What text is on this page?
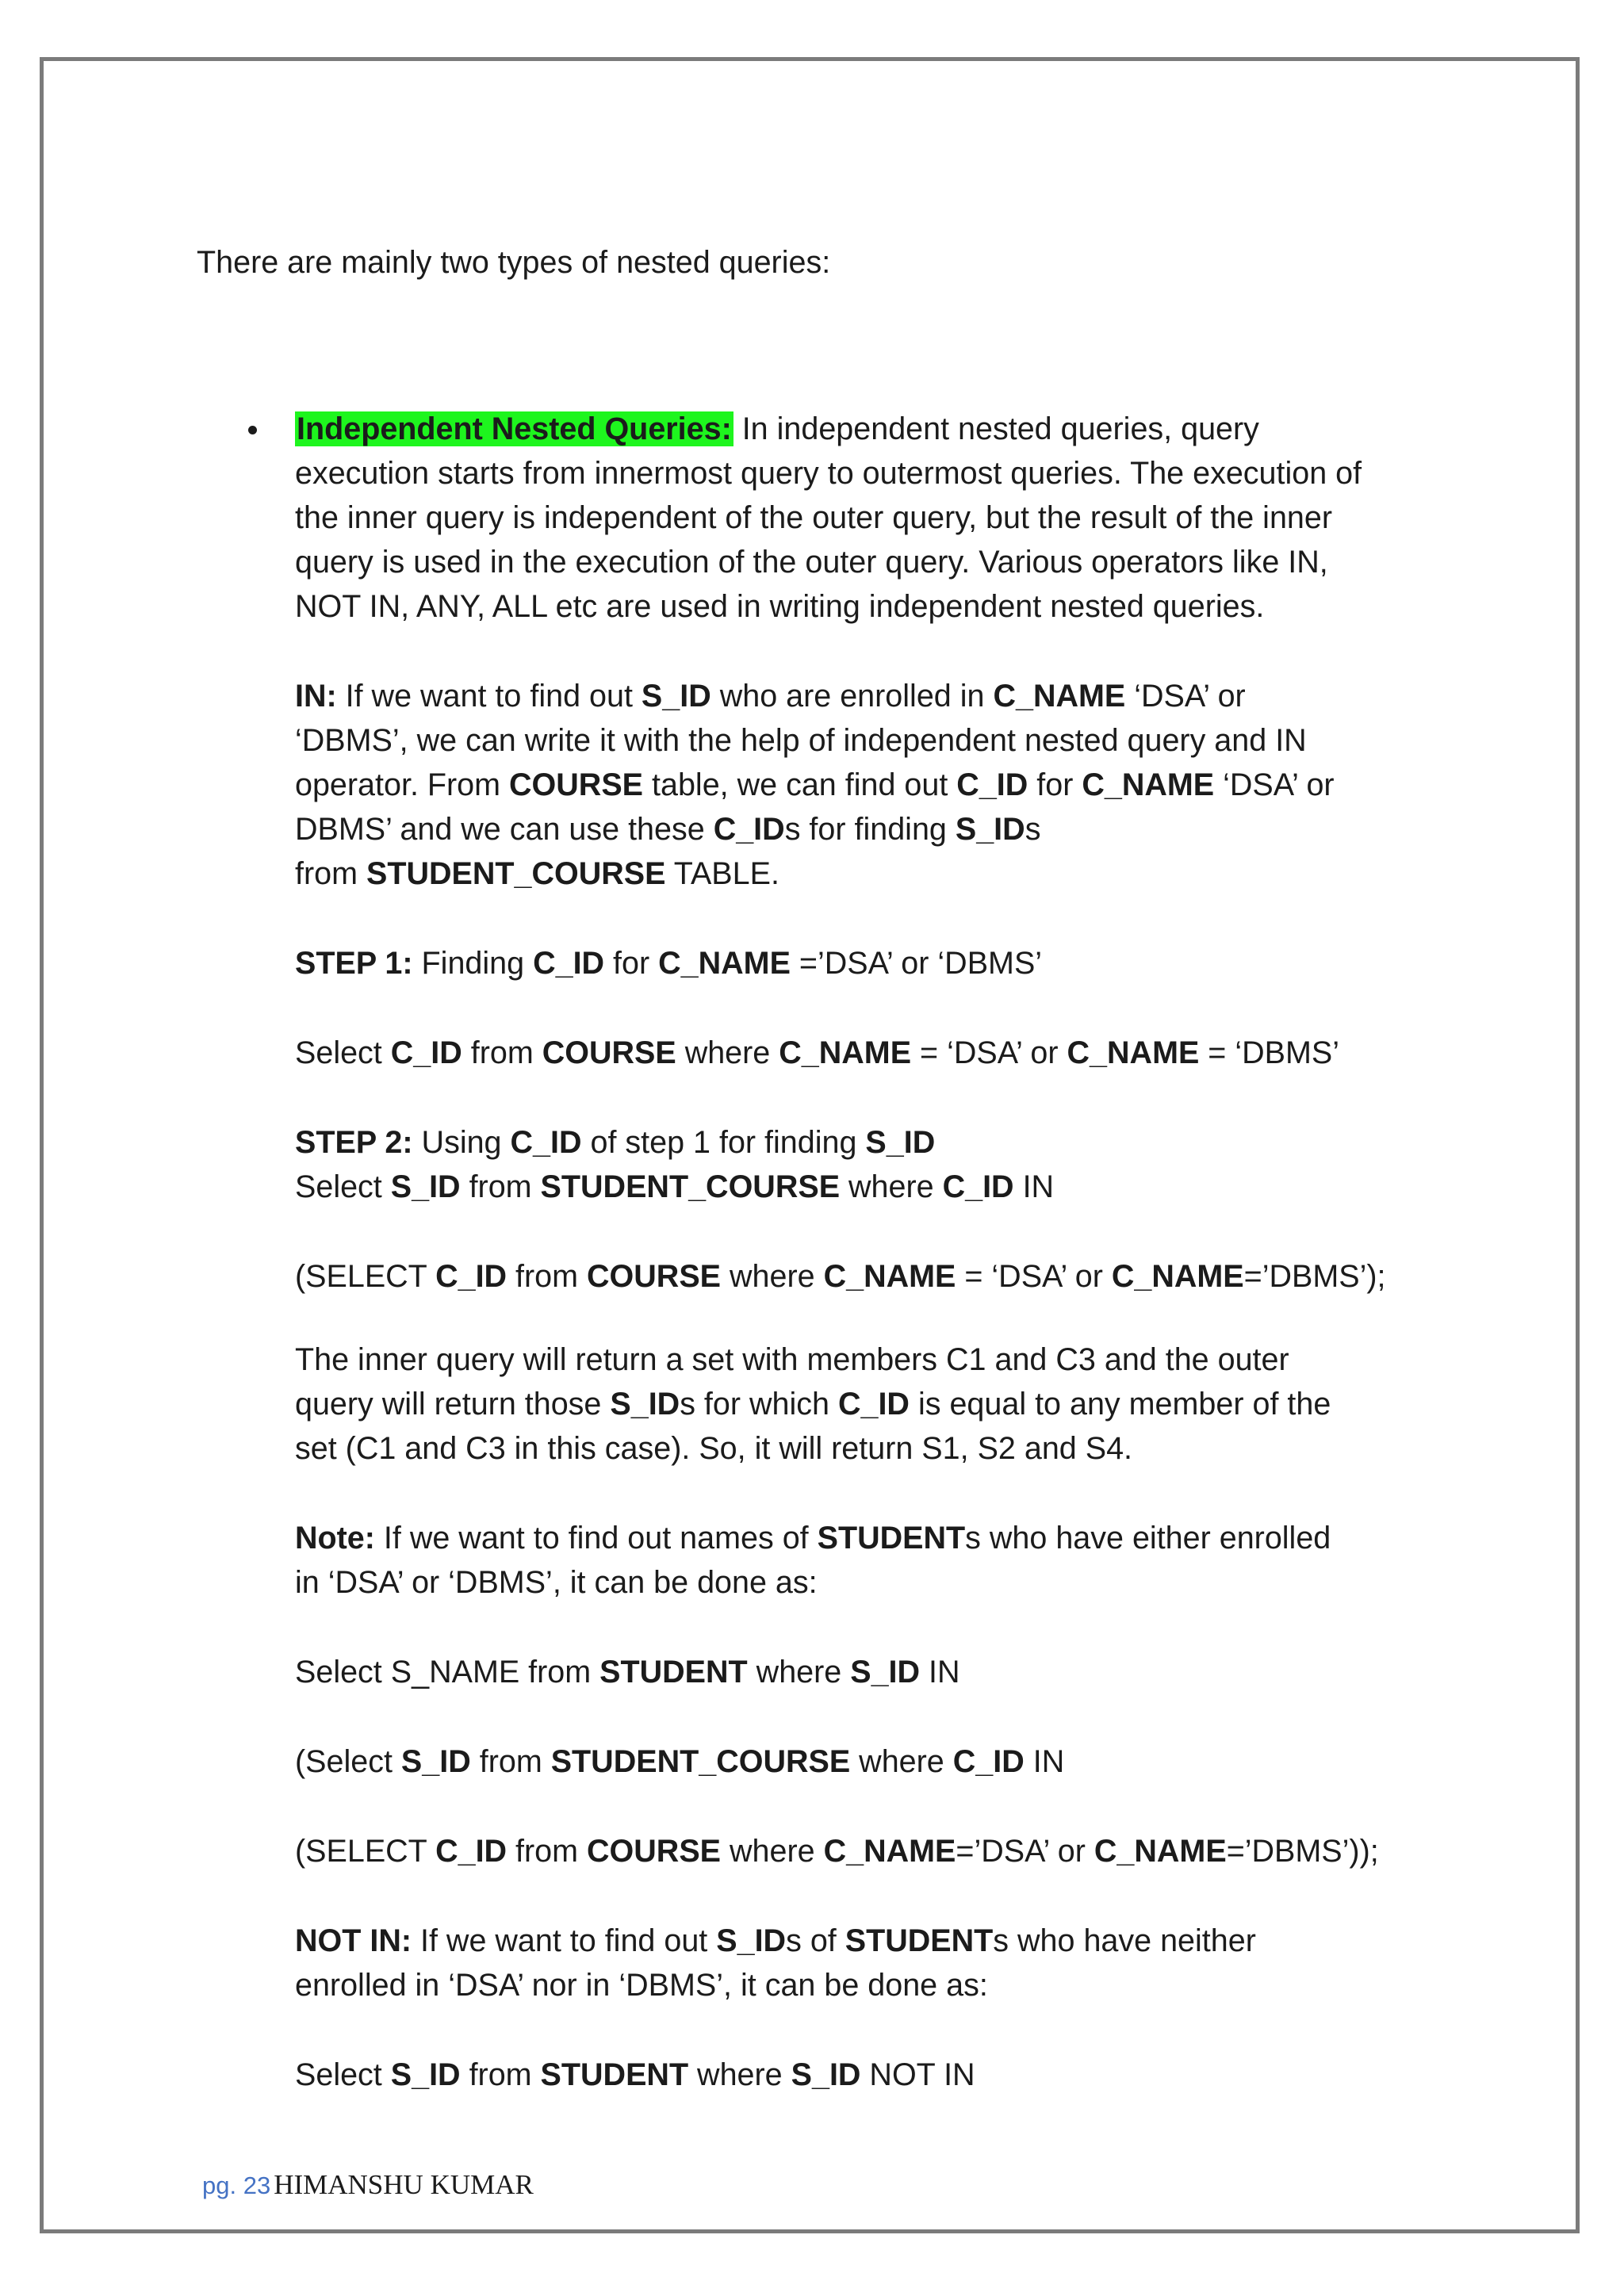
There are mainly two types of nested queries:
Independent Nested Queries: In independent nested queries, query
execution starts from innermost query to outermost queries. The execution of
the inner query is independent of the outer query, but the result of the inner
query is used in the execution of the outer query. Various operators like IN,
NOT IN, ANY, ALL etc are used in writing independent nested queries.
IN: If we want to find out S_ID who are enrolled in C_NAME ‘DSA’ or
‘DBMS’, we can write it with the help of independent nested query and IN
operator. From COURSE table, we can find out C_ID for C_NAME ‘DSA’ or
DBMS’ and we can use these C_IDs for finding S_IDs
from STUDENT_COURSE TABLE.
STEP 1: Finding C_ID for C_NAME =’DSA’ or ‘DBMS’
Select C_ID from COURSE where C_NAME = ‘DSA’ or C_NAME = ‘DBMS’
STEP 2: Using C_ID of step 1 for finding S_ID
Select S_ID from STUDENT_COURSE where C_ID IN
(SELECT C_ID from COURSE where C_NAME = ‘DSA’ or C_NAME=’DBMS’);
The inner query will return a set with members C1 and C3 and the outer
query will return those S_IDs for which C_ID is equal to any member of the
set (C1 and C3 in this case). So, it will return S1, S2 and S4.
Note: If we want to find out names of STUDENTs who have either enrolled
in ‘DSA’ or ‘DBMS’, it can be done as:
Select S_NAME from STUDENT where S_ID IN
(Select S_ID from STUDENT_COURSE where C_ID IN
(SELECT C_ID from COURSE where C_NAME=’DSA’ or C_NAME=’DBMS’));
NOT IN: If we want to find out S_IDs of STUDENTs who have neither
enrolled in ‘DSA’ nor in ‘DBMS’, it can be done as:
Select S_ID from STUDENT where S_ID NOT IN
pg. 23 HIMANSHU KUMAR
